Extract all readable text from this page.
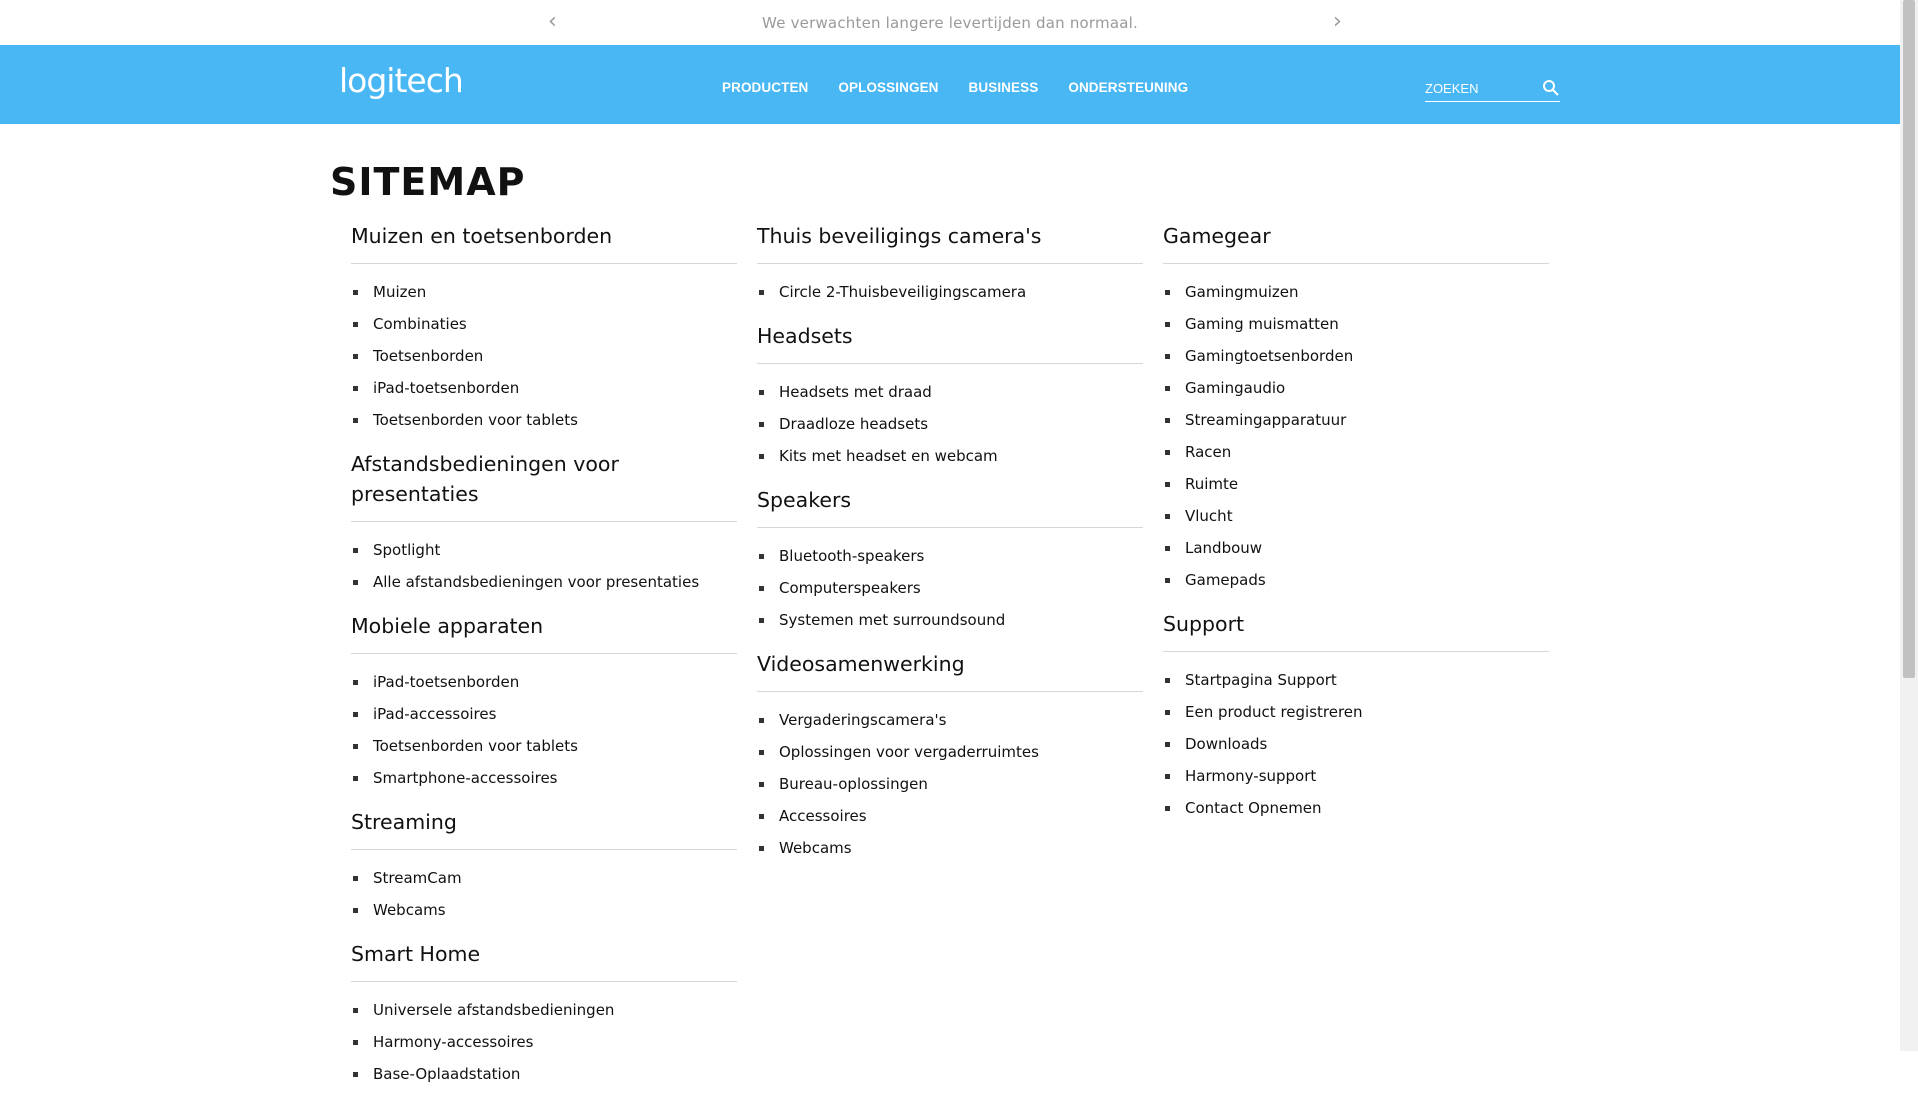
‹	We verwachten langere levertijden dan normaal.	›
logitech	PRODUCTEN OPLOSSINGEN BUSINESS ONDERSTEUNING
ZOEKEN
SITEMAP
Muizen en toetsenborden
Muizen
Combinaties
Toetsenborden
iPad-toetsenborden
Toetsenborden voor tablets
Afstandsbedieningen voor presentaties
Spotlight
Alle afstandsbedieningen voor presentaties
Mobiele apparaten
iPad-toetsenborden
iPad-accessoires
Toetsenborden voor tablets
Smartphone-accessoires
Streaming
StreamCam
Webcams
Smart Home
Universele afstandsbedieningen
Harmony-accessoires
Base-Oplaadstation
Thuis beveiligings camera's
Circle 2-Thuisbeveiligingscamera
Headsets
Headsets met draad
Draadloze headsets
Kits met headset en webcam
Speakers
Bluetooth-speakers
Computerspeakers
Systemen met surroundsound
Videosamenwerking
Vergaderingscamera's
Oplossingen voor vergaderruimtes
Bureau-oplossingen
Accessoires
Webcams
Gamegear
Gamingmuizen
Gaming muismatten
Gamingtoetsenborden
Gamingaudio
Streamingapparatuur
Racen
Ruimte
Vlucht
Landbouw
Gamepads
Support
Startpagina Support
Een product registreren
Downloads
Harmony-support
Contact Opnemen
